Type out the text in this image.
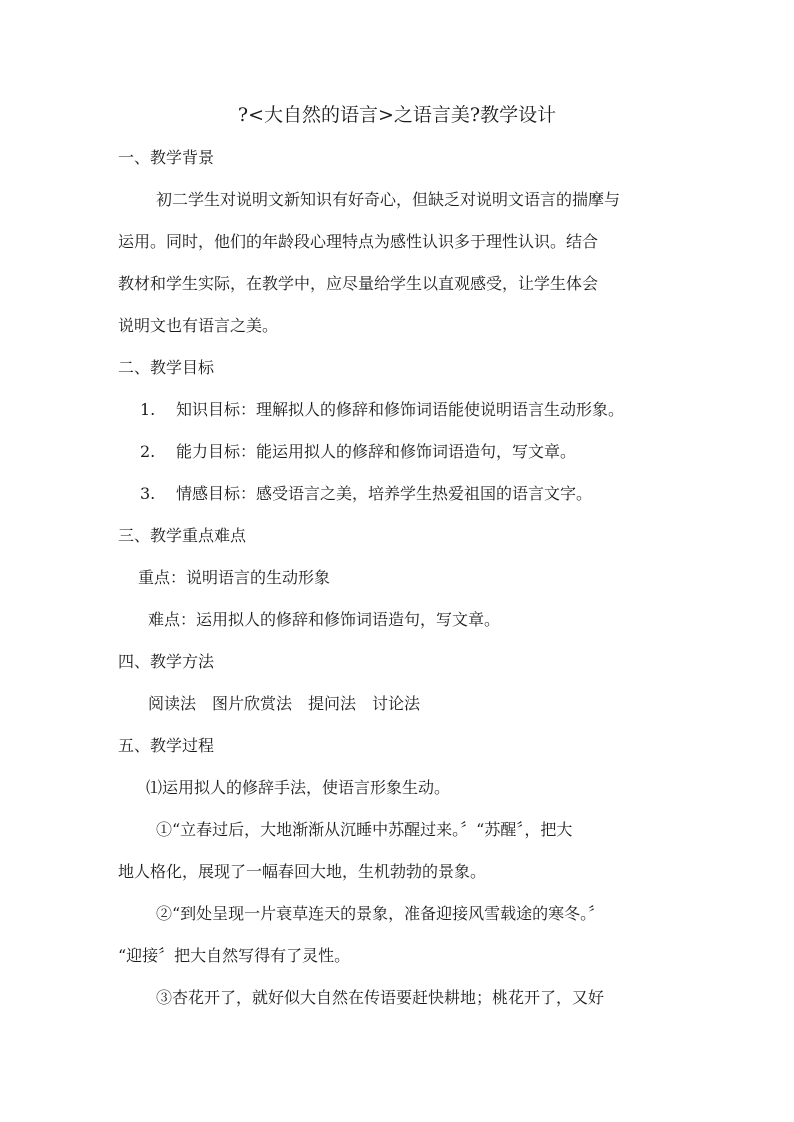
?<大自然的语言>之语言美?教学设计
一、教学背景
初二学生对说明文新知识有好奇心，但缺乏对说明文语言的揣摩与
运用。同时，他们的年龄段心理特点为感性认识多于理性认识。结合
教材和学生实际，在教学中，应尽量给学生以直观感受，让学生体会
说明文也有语言之美。
二、教学目标
1. 知识目标：理解拟人的修辞和修饰词语能使说明语言生动形象。
2. 能力目标：能运用拟人的修辞和修饰词语造句，写文章。
3. 情感目标：感受语言之美，培养学生热爱祖国的语言文字。
三、教学重点难点
重点：说明语言的生动形象
难点：运用拟人的修辞和修饰词语造句，写文章。
四、教学方法
阅读法　图片欣赏法　提问法　讨论法
五、教学过程
⑴运用拟人的修辞手法，使语言形象生动。
①“立春过后，大地渐渐从沉睡中苏醒过来。〞“苏醒〞，把大
地人格化，展现了一幅春回大地，生机勃勃的景象。
②“到处呈现一片衰草连天的景象，准备迎接风雪载途的寒冬。〞
“迎接〞把大自然写得有了灵性。
③杏花开了，就好似大自然在传语要赶快耕地；桃花开了，又好
